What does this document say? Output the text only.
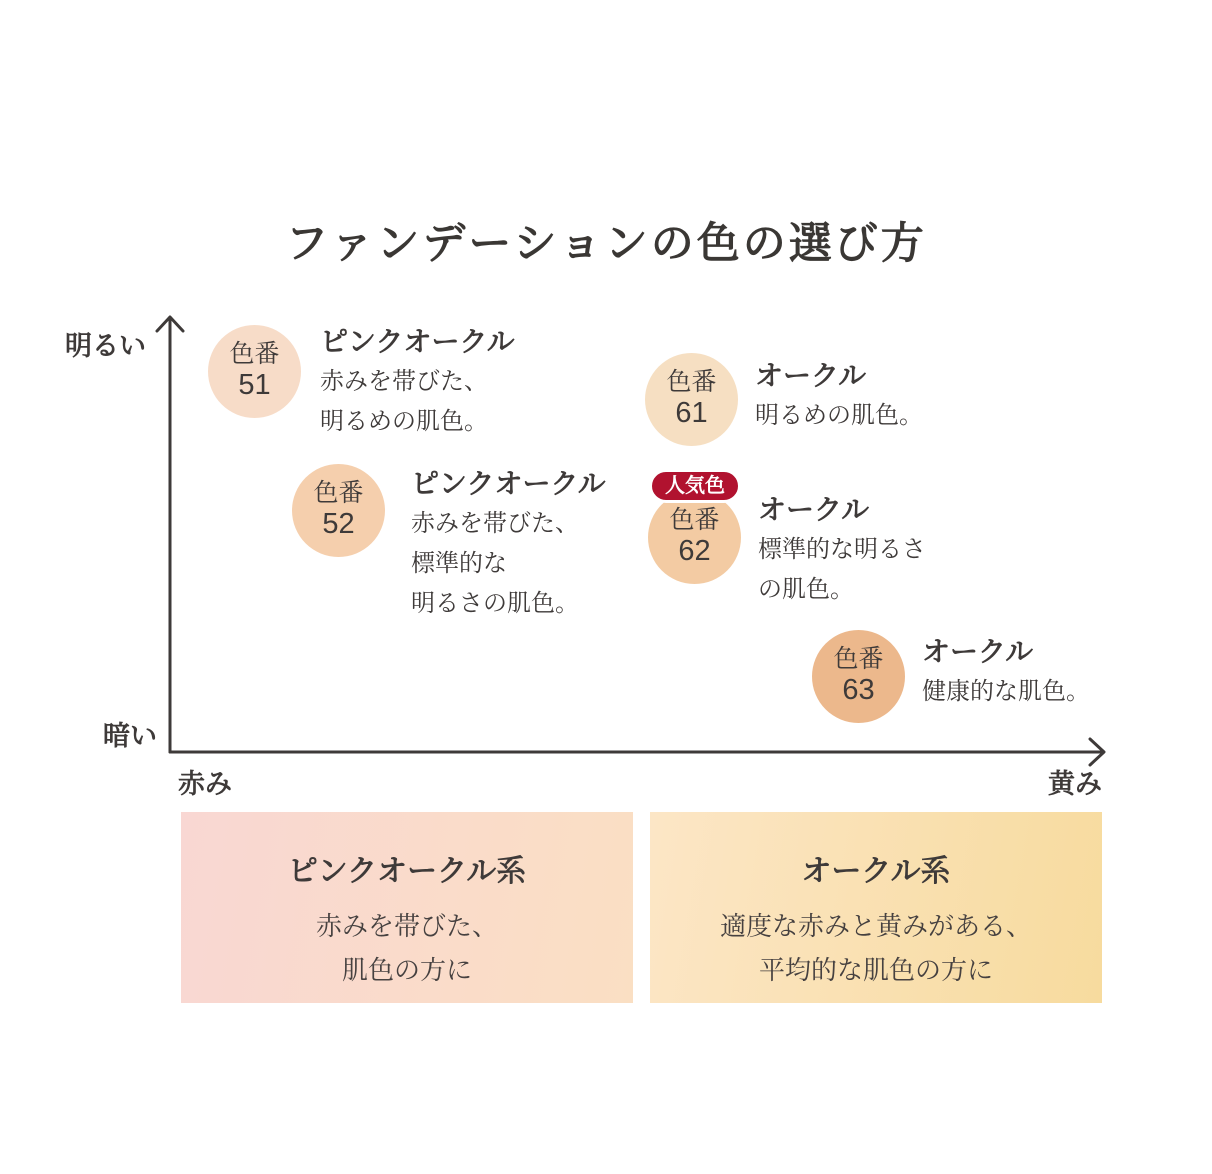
ファンデーションの色の選び方
明るい
暗い
赤み	黄み
色番
51
ピンクオークル
赤みを帯びた、
明るめの肌色。
色番
52
ピンクオークル
赤みを帯びた、
標準的な
明るさの肌色。
色番
61
オークル
明るめの肌色。
色番
62
人気色
オークル
標準的な明るさ
の肌色。
色番
63
オークル
健康的な肌色。
ピンクオークル系
赤みを帯びた、
肌色の方に
オークル系
適度な赤みと黄みがある、
平均的な肌色の方に
